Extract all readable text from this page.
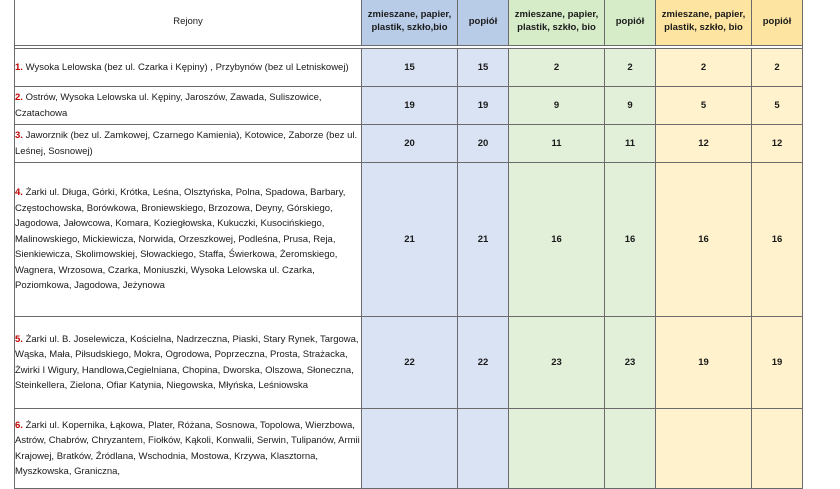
Rejony	zmieszane, papier, plastik, szkło,bio	popiół	zmieszane, papier, plastik, szkło, bio	popiół	zmieszane, papier, plastik, szkło, bio	popiół

1. Wysoka Lelowska (bez ul. Czarka i Kępiny) , Przybynów (bez ul Letniskowej)	15	15	2	2	2	2
2. Ostrów, Wysoka Lelowska ul. Kępiny, Jaroszów, Zawada, Suliszowice, Czatachowa	19	19	9	9	5	5
3. Jaworznik (bez ul. Zamkowej, Czarnego Kamienia), Kotowice, Zaborze (bez ul. Leśnej, Sosnowej)	20	20	11	11	12	12
4. Żarki ul. Długa, Górki, Krótka, Leśna, Olsztyńska, Polna, Spadowa, Barbary, Częstochowska, Borówkowa, Broniewskiego, Brzozowa, Deyny, Górskiego, Jagodowa, Jałowcowa, Komara, Koziegłowska, Kukuczki, Kusocińskiego, Malinowskiego, Mickiewicza, Norwida, Orzeszkowej, Podleśna, Prusa, Reja, Sienkiewicza, Skolimowskiej, Słowackiego, Staffa, Świerkowa, Żeromskiego, Wagnera, Wrzosowa, Czarka, Moniuszki, Wysoka Lelowska ul. Czarka, Poziomkowa, Jagodowa, Jeżynowa	21	21	16	16	16	16
5. Żarki ul. B. Joselewicza, Kościelna, Nadrzeczna, Piaski, Stary Rynek, Targowa, Wąska, Mała, Piłsudskiego, Mokra, Ogrodowa, Poprzeczna, Prosta, Strażacka, Żwirki I Wigury, Handlowa,Cegielniana, Chopina, Dworska, Olszowa, Słoneczna, Steinkellera, Zielona, Ofiar Katynia, Niegowska, Młyńska, Leśniowska	22	22	23	23	19	19
6. Żarki ul. Kopernika, Łąkowa, Plater, Różana, Sosnowa, Topolowa, Wierzbowa, Astrów, Chabrów, Chryzantem, Fiołków, Kąkoli, Konwalii, Serwin, Tulipanów, Armii Krajowej, Bratków, Źródlana, Wschodnia, Mostowa, Krzywa, Klasztorna, Myszkowska, Graniczna,						
